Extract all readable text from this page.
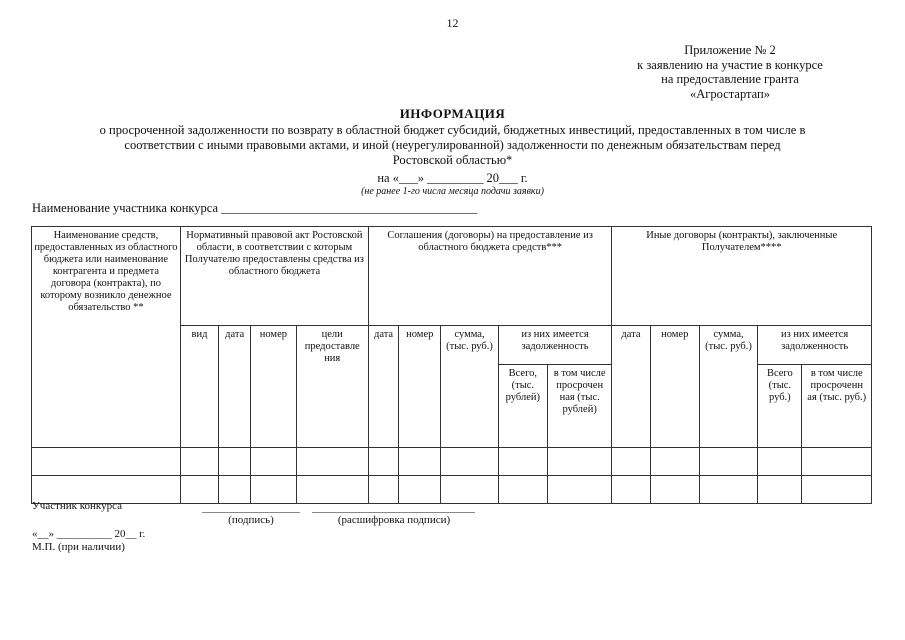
12
Приложение № 2
к заявлению на участие в конкурсе
на предоставление гранта
«Агростартап»
ИНФОРМАЦИЯ
о просроченной задолженности по возврату в областной бюджет субсидий, бюджетных инвестиций, предоставленных в том числе в
соответствии с иными правовыми актами, и иной (неурегулированной) задолженности по денежным обязательствам перед
Ростовской областью*
на «___» _________ 20___ г.
(не ранее 1-го числа месяца подачи заявки)
Наименование участника конкурса _________________________________________
Наименование средств, предоставленных из областного бюджета или наименование контрагента и предмета договора (контракта), по которому возникло денежное обязательство **	Нормативный правовой акт Ростовской области, в соответствии с которым Получателю предоставлены средства из областного бюджета				Соглашения (договоры) на предоставление из областного бюджета средств***					Иные договоры (контракты), заключенные Получателем****				
	вид	дата	номер	цели предоставле ния	дата	номер	сумма, (тыс. руб.)	из них имеется задолженность		дата	номер	сумма, (тыс. руб.)	из них имеется задолженность	
								Всего, (тыс. рублей)	в том числе просрочен ная (тыс. рублей)				Всего (тыс. руб.)	в том числе просроченн ая (тыс. руб.)

Участник конкурса
(подпись)	(расшифровка подписи)
«__» __________ 20__ г.
М.П. (при наличии)
